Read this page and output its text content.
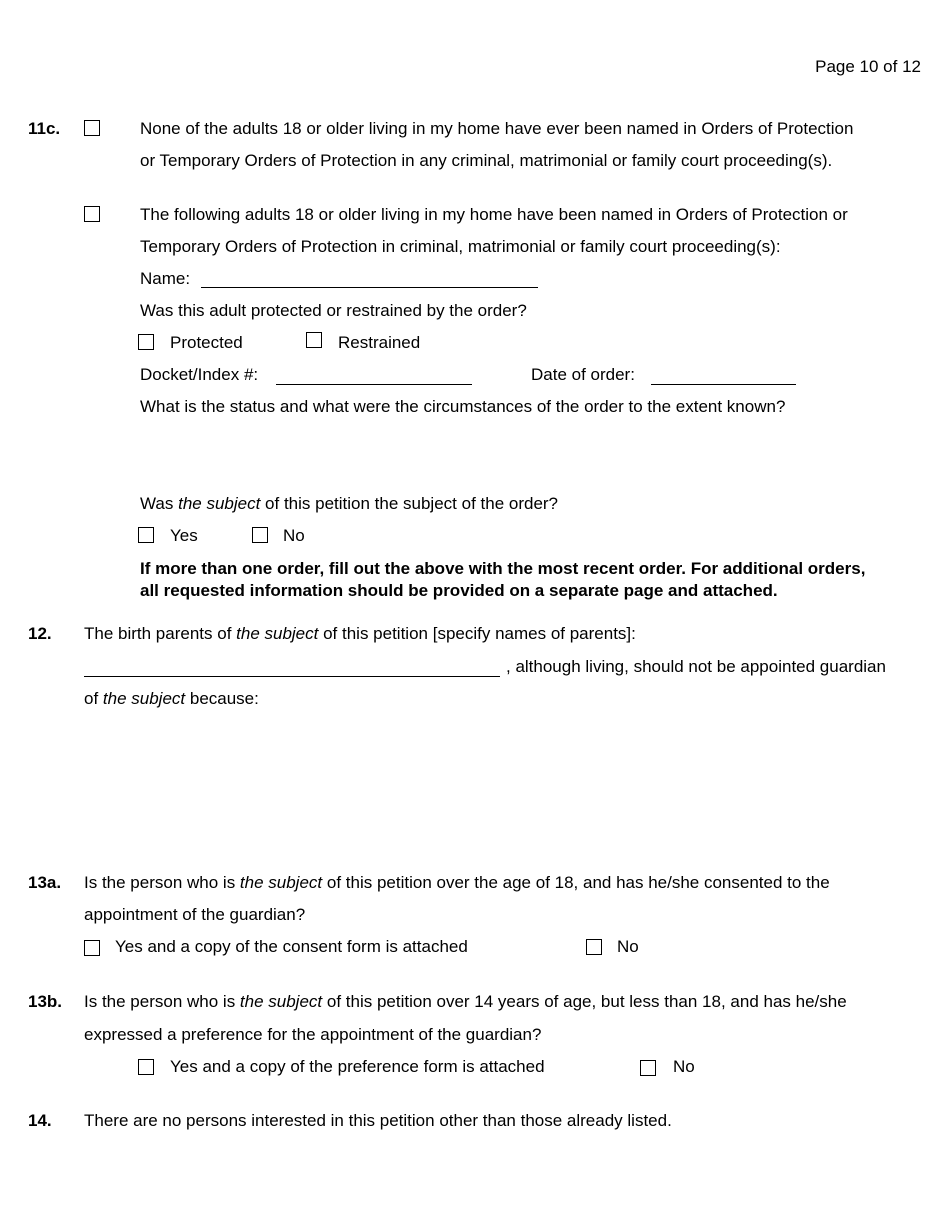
Page 10 of 12
11c.	None of the adults 18 or older living in my home have ever been named in Orders of Protection
or Temporary Orders of Protection in any criminal, matrimonial or family court proceeding(s).
The following adults 18 or older living in my home have been named in Orders of Protection or
Temporary Orders of Protection in criminal, matrimonial or family court proceeding(s):
Name:
Was this adult protected or restrained by the order?
Protected	Restrained
Docket/Index #:	Date of order:
What is the status and what were the circumstances of the order to the extent known?
Was the subject of this petition the subject of the order?
Yes	No
If more than one order, fill out the above with the most recent order. For additional orders,
all requested information should be provided on a separate page and attached.
12. The birth parents of the subject of this petition [specify names of parents]:
, although living, should not be appointed guardian
of the subject because:
13a. Is the person who is the subject of this petition over the age of 18, and has he/she consented to the
appointment of the guardian?
Yes and a copy of the consent form is attached	No
13b. Is the person who is the subject of this petition over 14 years of age, but less than 18, and has he/she
expressed a preference for the appointment of the guardian?
Yes and a copy of the preference form is attached	No
14. There are no persons interested in this petition other than those already listed.
